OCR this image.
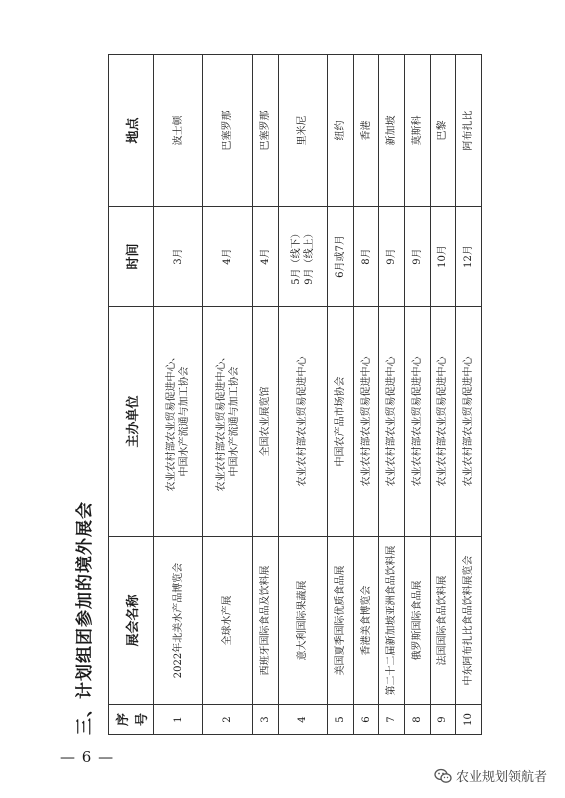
三、计划组团参加的境外展会	序号	展会名称	主办单位	时间	地点
1	2022年北美水产品博览会	农业农村部农业贸易促进中心、 中国水产流通与加工协会	3月	波士顿
2	全球水产展	农业农村部农业贸易促进中心、 中国水产流通与加工协会	4月	巴塞罗那
3	西班牙国际食品及饮料展	全国农业展览馆	4月	巴塞罗那
4	意大利国际果蔬展	农业农村部农业贸易促进中心	5月（线下） 9月（线上）	里米尼
5	美国夏季国际优质食品展	中国农产品市场协会	6月或7月	纽约
6	香港美食博览会	农业农村部农业贸易促进中心	8月	香港
7	第二十二届新加坡亚洲食品饮料展	农业农村部农业贸易促进中心	9月	新加坡
8	俄罗斯国际食品展	农业农村部农业贸易促进中心	9月	莫斯科
9	法国国际食品饮料展	农业农村部农业贸易促进中心	10月	巴黎
10	中东阿布扎比食品饮料展览会	农业农村部农业贸易促进中心	12月	阿布扎比
— 6 —
农业规划领航者
